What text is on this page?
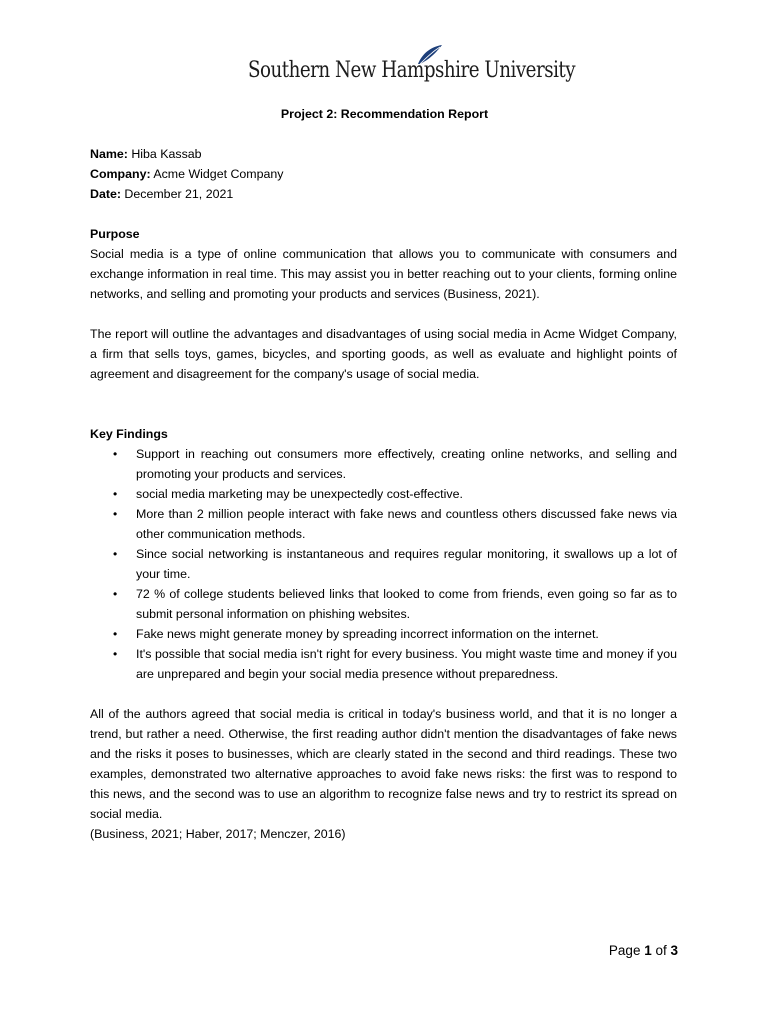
Southern New Hampshire University
Project 2: Recommendation Report
Name: Hiba Kassab
Company: Acme Widget Company
Date: December 21, 2021
Purpose

Social media is a type of online communication that allows you to communicate with consumers and exchange information in real time. This may assist you in better reaching out to your clients, forming online networks, and selling and promoting your products and services (Business, 2021).

The report will outline the advantages and disadvantages of using social media in Acme Widget Company, a firm that sells toys, games, bicycles, and sporting goods, as well as evaluate and highlight points of agreement and disagreement for the company's usage of social media.

Key Findings
• Support in reaching out consumers more effectively, creating online networks, and selling and promoting your products and services.
• social media marketing may be unexpectedly cost-effective.
• More than 2 million people interact with fake news and countless others discussed fake news via other communication methods.
• Since social networking is instantaneous and requires regular monitoring, it swallows up a lot of your time.
• 72 % of college students believed links that looked to come from friends, even going so far as to submit personal information on phishing websites.
• Fake news might generate money by spreading incorrect information on the internet.
• It's possible that social media isn't right for every business. You might waste time and money if you are unprepared and begin your social media presence without preparedness.

All of the authors agreed that social media is critical in today's business world, and that it is no longer a trend, but rather a need. Otherwise, the first reading author didn't mention the disadvantages of fake news and the risks it poses to businesses, which are clearly stated in the second and third readings. These two examples, demonstrated two alternative approaches to avoid fake news risks: the first was to respond to this news, and the second was to use an algorithm to recognize false news and try to restrict its spread on social media.

(Business, 2021; Haber, 2017; Menczer, 2016)
Page 1 of 3
